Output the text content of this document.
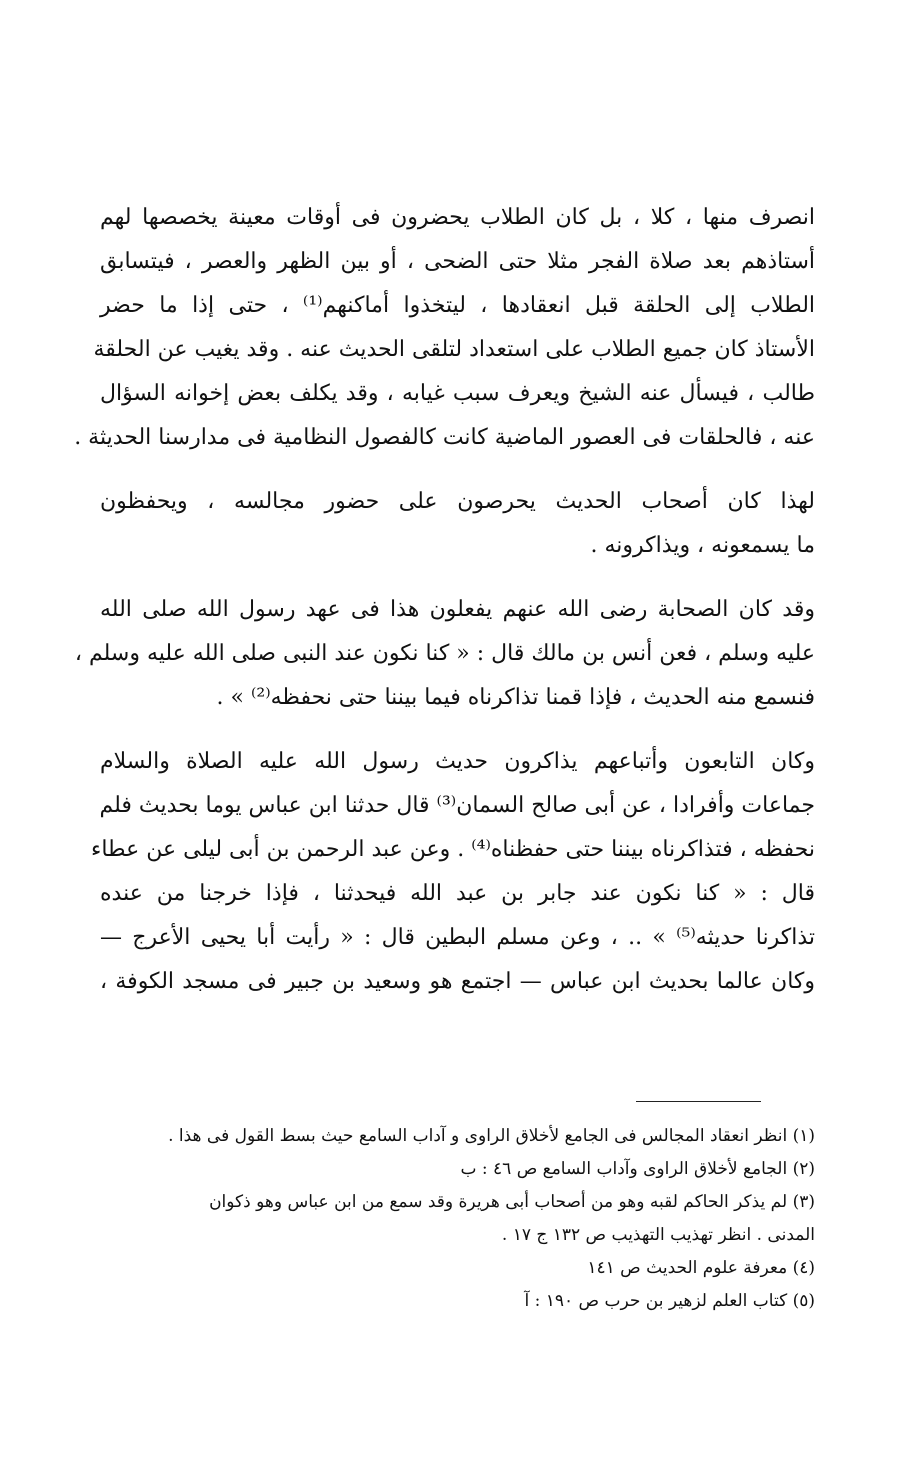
انصرف منها ، كلا ، بل كان الطلاب يحضرون فى أوقات معينة يخصصها لهم
أستاذهم بعد صلاة الفجر مثلا حتى الضحى ، أو بين الظهر والعصر ، فيتسابق
الطلاب إلى الحلقة قبل انعقادها ، ليتخذوا أماكنهم⁽¹⁾ ، حتى إذا ما حضر
الأستاذ كان جميع الطلاب على استعداد لتلقى الحديث عنه . وقد يغيب عن الحلقة
طالب ، فيسأل عنه الشيخ ويعرف سبب غيابه ، وقد يكلف بعض إخوانه السؤال
عنه ، فالحلقات فى العصور الماضية كانت كالفصول النظامية فى مدارسنا الحديثة .

لهذا كان أصحاب الحديث يحرصون على حضور مجالسه ، ويحفظون
ما يسمعونه ، ويذاكرونه .

وقد كان الصحابة رضى الله عنهم يفعلون هذا فى عهد رسول الله صلى الله
عليه وسلم ، فعن أنس بن مالك قال : « كنا نكون عند النبى صلى الله عليه وسلم ،
فنسمع منه الحديث ، فإذا قمنا تذاكرناه فيما بيننا حتى نحفظه⁽²⁾ » .

وكان التابعون وأتباعهم يذاكرون حديث رسول الله عليه الصلاة والسلام
جماعات وأفرادا ، عن أبى صالح السمان⁽³⁾ قال حدثنا ابن عباس يوما بحديث فلم
نحفظه ، فتذاكرناه بيننا حتى حفظناه⁽⁴⁾ . وعن عبد الرحمن بن أبى ليلى عن عطاء
قال : « كنا نكون عند جابر بن عبد الله فيحدثنا ، فإذا خرجنا من عنده
تذاكرنا حديثه⁽⁵⁾ » .. ، وعن مسلم البطين قال : « رأيت أبا يحيى الأعرج —
وكان عالما بحديث ابن عباس — اجتمع هو وسعيد بن جبير فى مسجد الكوفة ،

(١) انظر انعقاد المجالس فى الجامع لأخلاق الراوى و آداب السامع حيث بسط القول فى هذا .
(٢) الجامع لأخلاق الراوى وآداب السامع ص ٤٦ : ب
(٣) لم يذكر الحاكم لقبه وهو من أصحاب أبى هريرة وقد سمع من ابن عباس وهو ذكوان
المدنى . انظر تهذيب التهذيب ص ١٣٢ ج ١٧ .
(٤) معرفة علوم الحديث ص ١٤١
(٥) كتاب العلم لزهير بن حرب ص ١٩٠ : آ
